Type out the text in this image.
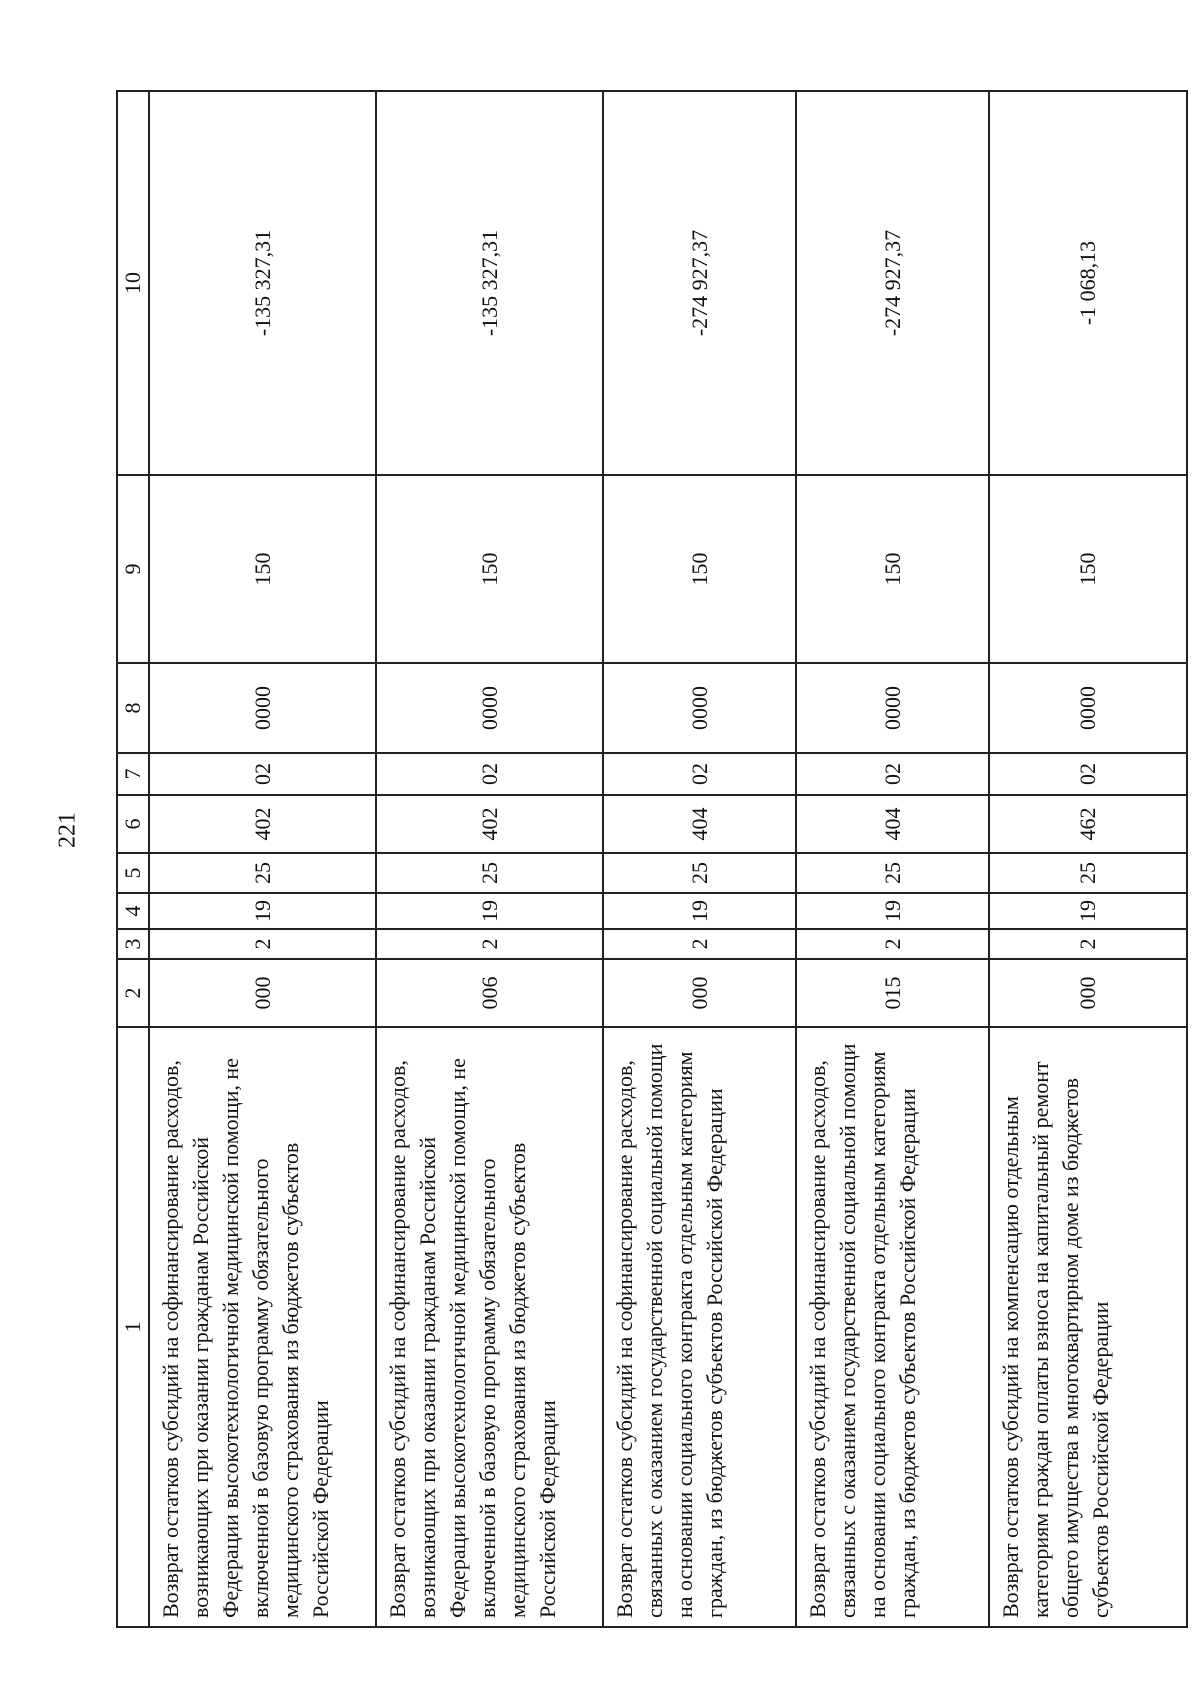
221
1	2	3	4	5	6	7	8	9	10
Возврат остатков субсидий на софинансирование расходов, возникающих при оказании гражданам Российской Федерации высокотехнологичной медицинской помощи, не включенной в базовую программу обязательного медицинского страхования из бюджетов субъектов Российской Федерации	000	2	19	25	402	02	0000	150	-135 327,31
Возврат остатков субсидий на софинансирование расходов, возникающих при оказании гражданам Российской Федерации высокотехнологичной медицинской помощи, не включенной в базовую программу обязательного медицинского страхования из бюджетов субъектов Российской Федерации	006	2	19	25	402	02	0000	150	-135 327,31
Возврат остатков субсидий на софинансирование расходов, связанных с оказанием государственной социальной помощи на основании социального контракта отдельным категориям граждан, из бюджетов субъектов Российской Федерации	000	2	19	25	404	02	0000	150	-274 927,37
Возврат остатков субсидий на софинансирование расходов, связанных с оказанием государственной социальной помощи на основании социального контракта отдельным категориям граждан, из бюджетов субъектов Российской Федерации	015	2	19	25	404	02	0000	150	-274 927,37
Возврат остатков субсидий на компенсацию отдельным категориям граждан оплаты взноса на капитальный ремонт общего имущества в многоквартирном доме из бюджетов субъектов Российской Федерации	000	2	19	25	462	02	0000	150	-1 068,13
